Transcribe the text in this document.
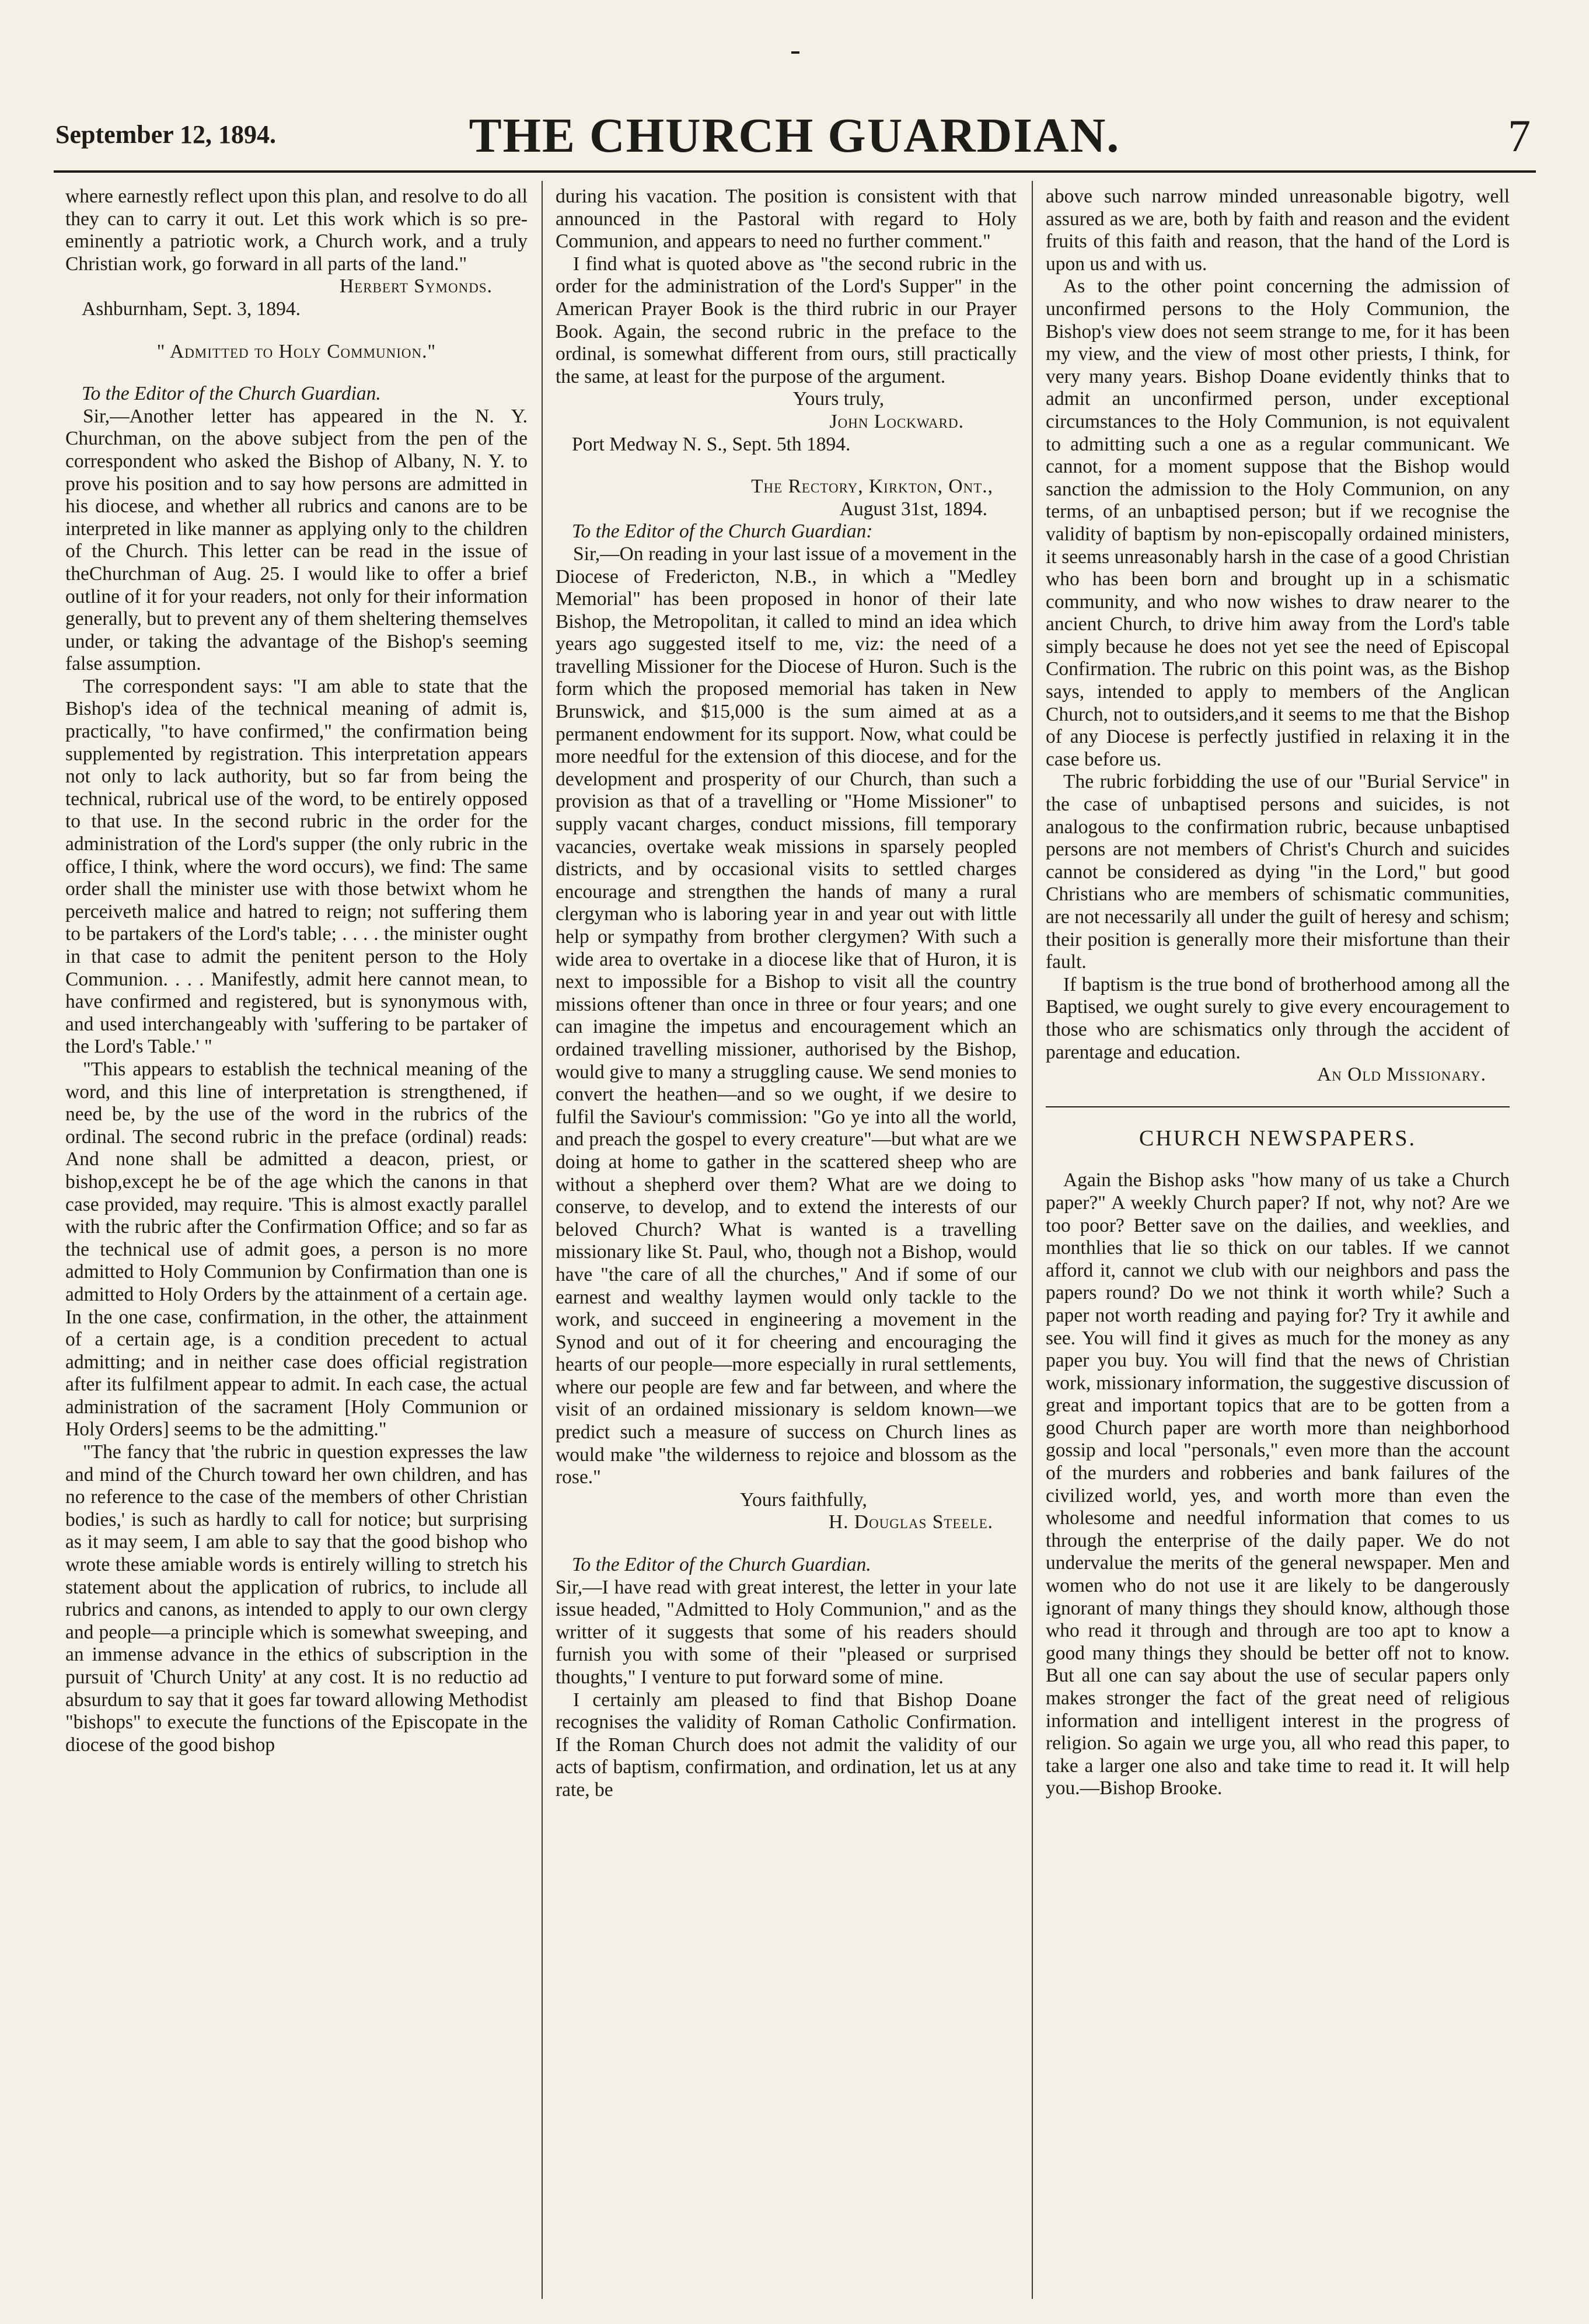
September 12, 1894.	THE CHURCH GUARDIAN.	7

where earnestly reflect upon this plan, and resolve to do all they can to carry it out. Let this work which is so pre-eminently a patriotic work, a Church work, and a truly Christian work, go forward in all parts of the land."

Herbert Symonds.
Ashburnham, Sept. 3, 1894.
" Admitted to Holy Communion."
To the Editor of the Church Guardian.

Sir,—Another letter has appeared in the N. Y. Churchman, on the above subject from the pen of the correspondent who asked the Bishop of Albany, N. Y. to prove his position and to say how persons are admitted in his diocese, and whether all rubrics and canons are to be interpreted in like manner as applying only to the children of the Church. This letter can be read in the issue of theChurchman of Aug. 25. I would like to offer a brief outline of it for your readers, not only for their information generally, but to prevent any of them sheltering themselves under, or taking the advantage of the Bishop's seeming false assumption.

The correspondent says: "I am able to state that the Bishop's idea of the technical meaning of admit is, practically, "to have confirmed," the confirmation being supplemented by registration. This interpretation appears not only to lack authority, but so far from being the technical, rubrical use of the word, to be entirely opposed to that use. In the second rubric in the order for the administration of the Lord's supper (the only rubric in the office, I think, where the word occurs), we find: The same order shall the minister use with those betwixt whom he perceiveth malice and hatred to reign; not suffering them to be partakers of the Lord's table; . . . . the minister ought in that case to admit the penitent person to the Holy Communion. . . . Manifestly, admit here cannot mean, to have confirmed and registered, but is synonymous with, and used interchangeably with 'suffering to be partaker of the Lord's Table.' "

"This appears to establish the technical meaning of the word, and this line of interpretation is strengthened, if need be, by the use of the word in the rubrics of the ordinal. The second rubric in the preface (ordinal) reads: And none shall be admitted a deacon, priest, or bishop,except he be of the age which the canons in that case provided, may require. 'This is almost exactly parallel with the rubric after the Confirmation Office; and so far as the technical use of admit goes, a person is no more admitted to Holy Communion by Confirmation than one is admitted to Holy Orders by the attainment of a certain age. In the one case, confirmation, in the other, the attainment of a certain age, is a condition precedent to actual admitting; and in neither case does official registration after its fulfilment appear to admit. In each case, the actual administration of the sacrament [Holy Communion or Holy Orders] seems to be the admitting."

"The fancy that 'the rubric in question expresses the law and mind of the Church toward her own children, and has no reference to the case of the members of other Christian bodies,' is such as hardly to call for notice; but surprising as it may seem, I am able to say that the good bishop who wrote these amiable words is entirely willing to stretch his statement about the application of rubrics, to include all rubrics and canons, as intended to apply to our own clergy and people—a principle which is somewhat sweeping, and an immense advance in the ethics of subscription in the pursuit of 'Church Unity' at any cost. It is no reductio ad absurdum to say that it goes far toward allowing Methodist "bishops" to execute the functions of the Episcopate in the diocese of the good bishop

during his vacation. The position is consistent with that announced in the Pastoral with regard to Holy Communion, and appears to need no further comment."

I find what is quoted above as "the second rubric in the order for the administration of the Lord's Supper" in the American Prayer Book is the third rubric in our Prayer Book. Again, the second rubric in the preface to the ordinal, is somewhat different from ours, still practically the same, at least for the purpose of the argument.

Yours truly,
John Lockward.
Port Medway N. S., Sept. 5th 1894.
The Rectory, Kirkton, Ont.,
August 31st, 1894.
To the Editor of the Church Guardian:

Sir,—On reading in your last issue of a movement in the Diocese of Fredericton, N.B., in which a "Medley Memorial" has been proposed in honor of their late Bishop, the Metropolitan, it called to mind an idea which years ago suggested itself to me, viz: the need of a travelling Missioner for the Diocese of Huron. Such is the form which the proposed memorial has taken in New Brunswick, and $15,000 is the sum aimed at as a permanent endowment for its support. Now, what could be more needful for the extension of this diocese, and for the development and prosperity of our Church, than such a provision as that of a travelling or "Home Missioner" to supply vacant charges, conduct missions, fill temporary vacancies, overtake weak missions in sparsely peopled districts, and by occasional visits to settled charges encourage and strengthen the hands of many a rural clergyman who is laboring year in and year out with little help or sympathy from brother clergymen? With such a wide area to overtake in a diocese like that of Huron, it is next to impossible for a Bishop to visit all the country missions oftener than once in three or four years; and one can imagine the impetus and encouragement which an ordained travelling missioner, authorised by the Bishop, would give to many a struggling cause. We send monies to convert the heathen—and so we ought, if we desire to fulfil the Saviour's commission: "Go ye into all the world, and preach the gospel to every creature"—but what are we doing at home to gather in the scattered sheep who are without a shepherd over them? What are we doing to conserve, to develop, and to extend the interests of our beloved Church? What is wanted is a travelling missionary like St. Paul, who, though not a Bishop, would have "the care of all the churches," And if some of our earnest and wealthy laymen would only tackle to the work, and succeed in engineering a movement in the Synod and out of it for cheering and encouraging the hearts of our people—more especially in rural settlements, where our people are few and far between, and where the visit of an ordained missionary is seldom known—we predict such a measure of success on Church lines as would make "the wilderness to rejoice and blossom as the rose."

Yours faithfully,
H. Douglas Steele.
To the Editor of the Church Guardian.

Sir,—I have read with great interest, the letter in your late issue headed, "Admitted to Holy Communion," and as the writter of it suggests that some of his readers should furnish you with some of their "pleased or surprised thoughts," I venture to put forward some of mine.

I certainly am pleased to find that Bishop Doane recognises the validity of Roman Catholic Confirmation. If the Roman Church does not admit the validity of our acts of baptism, confirmation, and ordination, let us at any rate, be

above such narrow minded unreasonable bigotry, well assured as we are, both by faith and reason and the evident fruits of this faith and reason, that the hand of the Lord is upon us and with us.

As to the other point concerning the admission of unconfirmed persons to the Holy Communion, the Bishop's view does not seem strange to me, for it has been my view, and the view of most other priests, I think, for very many years. Bishop Doane evidently thinks that to admit an unconfirmed person, under exceptional circumstances to the Holy Communion, is not equivalent to admitting such a one as a regular communicant. We cannot, for a moment suppose that the Bishop would sanction the admission to the Holy Communion, on any terms, of an unbaptised person; but if we recognise the validity of baptism by non-episcopally ordained ministers, it seems unreasonably harsh in the case of a good Christian who has been born and brought up in a schismatic community, and who now wishes to draw nearer to the ancient Church, to drive him away from the Lord's table simply because he does not yet see the need of Episcopal Confirmation. The rubric on this point was, as the Bishop says, intended to apply to members of the Anglican Church, not to outsiders,and it seems to me that the Bishop of any Diocese is perfectly justified in relaxing it in the case before us.

The rubric forbidding the use of our "Burial Service" in the case of unbaptised persons and suicides, is not analogous to the confirmation rubric, because unbaptised persons are not members of Christ's Church and suicides cannot be considered as dying "in the Lord," but good Christians who are members of schismatic communities, are not necessarily all under the guilt of heresy and schism; their position is generally more their misfortune than their fault.

If baptism is the true bond of brotherhood among all the Baptised, we ought surely to give every encouragement to those who are schismatics only through the accident of parentage and education.

An Old Missionary.
CHURCH NEWSPAPERS.

Again the Bishop asks "how many of us take a Church paper?" A weekly Church paper? If not, why not? Are we too poor? Better save on the dailies, and weeklies, and monthlies that lie so thick on our tables. If we cannot afford it, cannot we club with our neighbors and pass the papers round? Do we not think it worth while? Such a paper not worth reading and paying for? Try it awhile and see. You will find it gives as much for the money as any paper you buy. You will find that the news of Christian work, missionary information, the suggestive discussion of great and important topics that are to be gotten from a good Church paper are worth more than neighborhood gossip and local "personals," even more than the account of the murders and robberies and bank failures of the civilized world, yes, and worth more than even the wholesome and needful information that comes to us through the enterprise of the daily paper. We do not undervalue the merits of the general newspaper. Men and women who do not use it are likely to be dangerously ignorant of many things they should know, although those who read it through and through are too apt to know a good many things they should be better off not to know. But all one can say about the use of secular papers only makes stronger the fact of the great need of religious information and intelligent interest in the progress of religion. So again we urge you, all who read this paper, to take a larger one also and take time to read it. It will help you.—Bishop Brooke.
